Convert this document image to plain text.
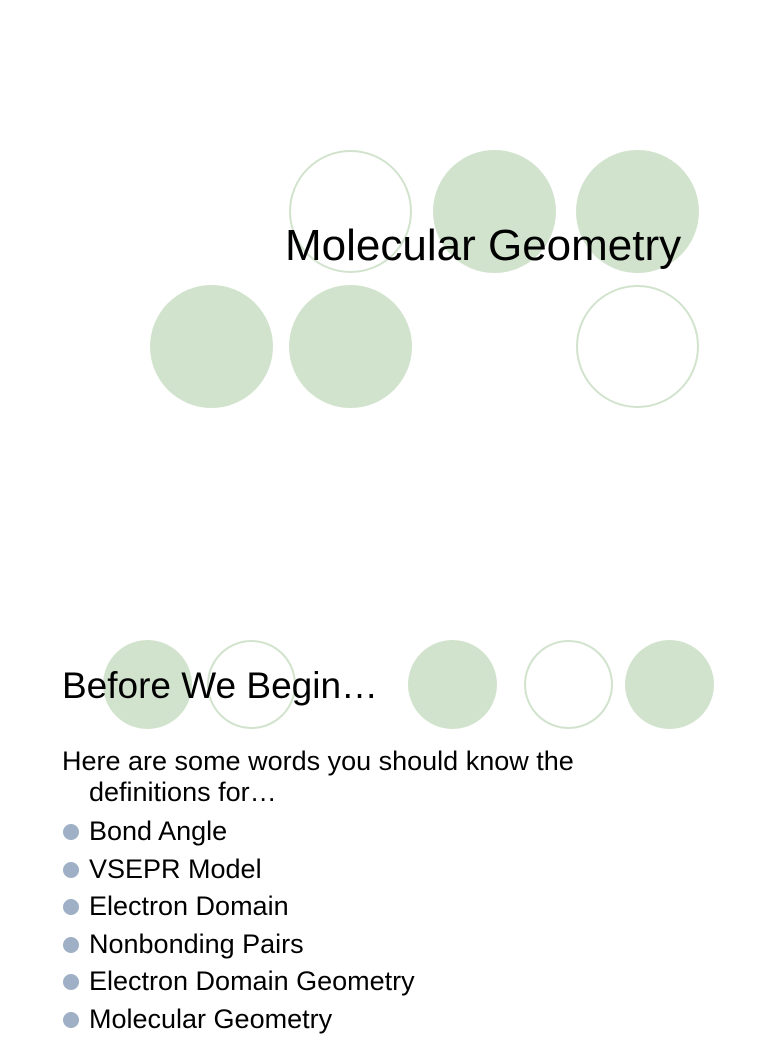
Molecular Geometry
Before We Begin…
Here are some words you should know the
definitions for…
Bond Angle
VSEPR Model
Electron Domain
Nonbonding Pairs
Electron Domain Geometry
Molecular Geometry
